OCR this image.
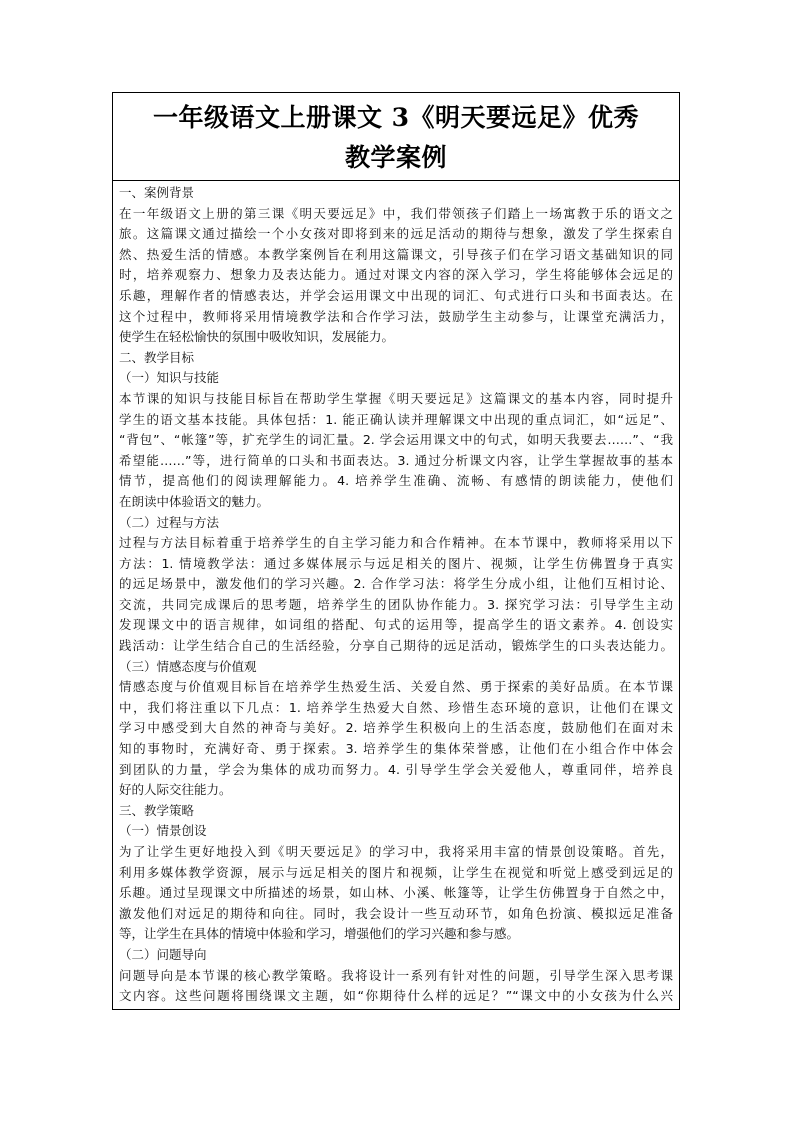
一年级语文上册课文 3《明天要远足》优秀
教学案例
一、案例背景
在一年级语文上册的第三课《明天要远足》中，我们带领孩子们踏上一场寓教于乐的语文之
旅。这篇课文通过描绘一个小女孩对即将到来的远足活动的期待与想象，激发了学生探索自
然、热爱生活的情感。本教学案例旨在利用这篇课文，引导孩子们在学习语文基础知识的同
时，培养观察力、想象力及表达能力。通过对课文内容的深入学习，学生将能够体会远足的
乐趣，理解作者的情感表达，并学会运用课文中出现的词汇、句式进行口头和书面表达。在
这个过程中，教师将采用情境教学法和合作学习法，鼓励学生主动参与，让课堂充满活力，
使学生在轻松愉快的氛围中吸收知识，发展能力。
二、教学目标
（一）知识与技能
本节课的知识与技能目标旨在帮助学生掌握《明天要远足》这篇课文的基本内容，同时提升
学生的语文基本技能。具体包括：1. 能正确认读并理解课文中出现的重点词汇，如“远足”、
“背包”、“帐篷”等，扩充学生的词汇量。2. 学会运用课文中的句式，如明天我要去……”、“我
希望能……”等，进行简单的口头和书面表达。3. 通过分析课文内容，让学生掌握故事的基本
情节，提高他们的阅读理解能力。4. 培养学生准确、流畅、有感情的朗读能力，使他们
在朗读中体验语文的魅力。
（二）过程与方法
过程与方法目标着重于培养学生的自主学习能力和合作精神。在本节课中，教师将采用以下
方法：1. 情境教学法：通过多媒体展示与远足相关的图片、视频，让学生仿佛置身于真实
的远足场景中，激发他们的学习兴趣。2. 合作学习法：将学生分成小组，让他们互相讨论、
交流，共同完成课后的思考题，培养学生的团队协作能力。3. 探究学习法：引导学生主动
发现课文中的语言规律，如词组的搭配、句式的运用等，提高学生的语文素养。4. 创设实
践活动：让学生结合自己的生活经验，分享自己期待的远足活动，锻炼学生的口头表达能力。
（三）情感态度与价值观
情感态度与价值观目标旨在培养学生热爱生活、关爱自然、勇于探索的美好品质。在本节课
中，我们将注重以下几点：1. 培养学生热爱大自然、珍惜生态环境的意识，让他们在课文
学习中感受到大自然的神奇与美好。2. 培养学生积极向上的生活态度，鼓励他们在面对未
知的事物时，充满好奇、勇于探索。3. 培养学生的集体荣誉感，让他们在小组合作中体会
到团队的力量，学会为集体的成功而努力。4. 引导学生学会关爱他人，尊重同伴，培养良
好的人际交往能力。
三、教学策略
（一）情景创设
为了让学生更好地投入到《明天要远足》的学习中，我将采用丰富的情景创设策略。首先，
利用多媒体教学资源，展示与远足相关的图片和视频，让学生在视觉和听觉上感受到远足的
乐趣。通过呈现课文中所描述的场景，如山林、小溪、帐篷等，让学生仿佛置身于自然之中，
激发他们对远足的期待和向往。同时，我会设计一些互动环节，如角色扮演、模拟远足准备
等，让学生在具体的情境中体验和学习，增强他们的学习兴趣和参与感。
（二）问题导向
问题导向是本节课的核心教学策略。我将设计一系列有针对性的问题，引导学生深入思考课
文内容。这些问题将围绕课文主题，如“你期待什么样的远足？”“课文中的小女孩为什么兴
